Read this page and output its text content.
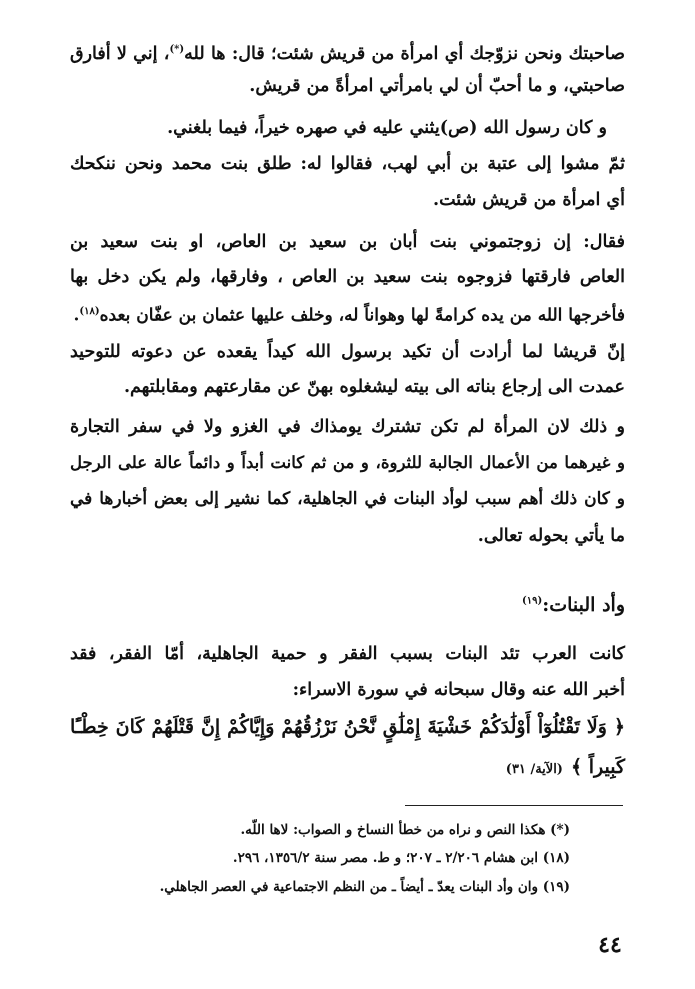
صاحبتك ونحن نزوّجك أي امرأة من قريش شئت؛ قال: ها لله(*)، إني لا أفارق
صاحبتي، و ما أحبّ أن لي بامرأتي امرأةً من قريش.
و كان رسول الله (ص)يثني عليه في صهره خيراً، فيما بلغني.
ثمّ مشوا إلى عتبة بن أبي لهب، فقالوا له: طلق بنت محمد ونحن ننكحك
أي امرأة من قريش شئت.
فقال: إن زوجتموني بنت أبان بن سعيد بن العاص، او بنت سعيد بن
العاص فارقتها فزوجوه بنت سعيد بن العاص ، وفارقها، ولم يكن دخل بها
فأخرجها الله من يده كرامةً لها وهواناً له، وخلف عليها عثمان بن عفّان بعده$^{(١٨)}$.
إنّ قريشا لما أرادت أن تكيد برسول الله كيداً يقعده عن دعوته للتوحيد
عمدت الى إرجاع بناته الى بيته ليشغلوه بهنّ عن مقارعتهم ومقابلتهم.
و ذلك لان المرأة لم تكن تشترك يومذاك في الغزو ولا في سفر التجارة
و غيرهما من الأعمال الجالبة للثروة، و من ثم كانت أبداً و دائماً عالة على الرجل
و كان ذلك أهم سبب لوأد البنات في الجاهلية، كما نشير إلى بعض أخبارها في
ما يأتي بحوله تعالى.
وأد البنات:$^{(١٩)}$
كانت العرب تئد البنات بسبب الفقر و حمية الجاهلية، أمّا الفقر، فقد
أخبر الله عنه وقال سبحانه في سورة الاسراء:
﴿ وَلَا تَقْتُلُوٓاْ أَوْلَٰدَكُمْ خَشْيَةَ إِمْلَٰقٍ نَّحْنُ نَرْزُقُهُمْ وَإِيَّاكُمْ إِنَّ قَتْلَهُمْ كَانَ خِطْـًٔا
كَبِيراً ﴾(الآية/ ٣١)
(*) هكذا النص و نراه من خطأ النساخ و الصواب: لاها اللّه.
(١٨) ابن هشام ٢/٢٠٦ ـ ٢٠٧؛ و ط. مصر سنة ١٣٥٦/٢، ٢٩٦.
(١٩) وان وأد البنات يعدّ ـ أيضاً ـ من النظم الاجتماعية في العصر الجاهلي.
٤٤
